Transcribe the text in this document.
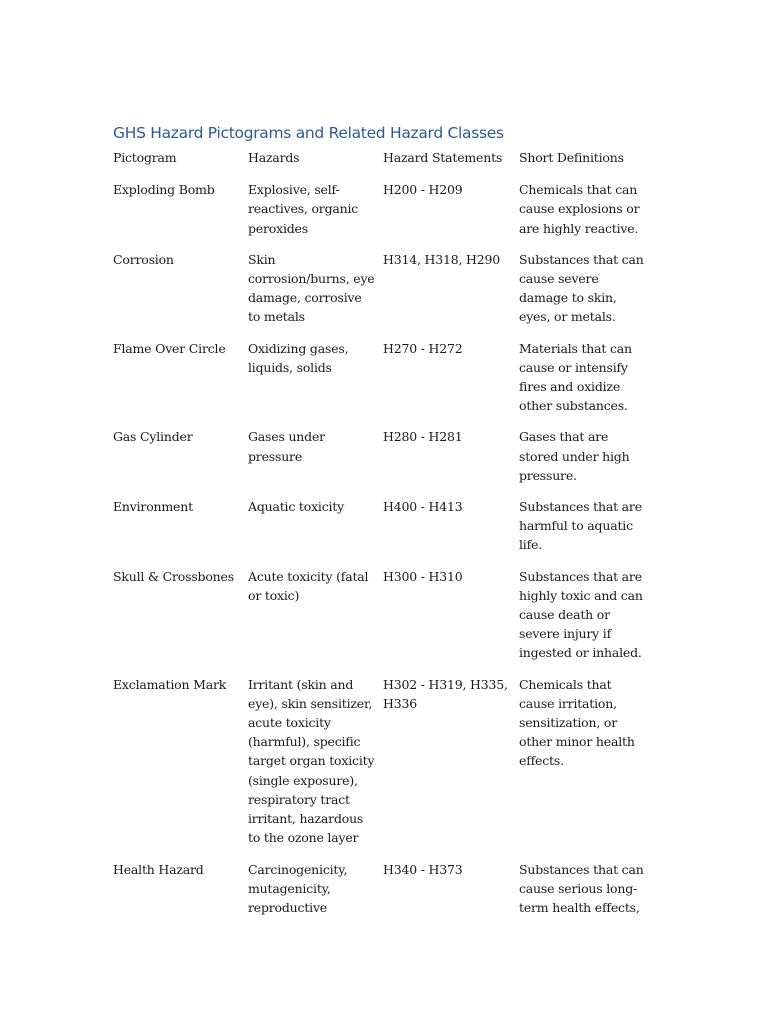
GHS Hazard Pictograms and Related Hazard Classes
Pictogram	Hazards	Hazard Statements	Short Definitions
Exploding Bomb	Explosive, self-reactives, organic peroxides	H200 - H209	Chemicals that can cause explosions or are highly reactive.
Corrosion	Skin corrosion/burns, eye damage, corrosive to metals	H314, H318, H290	Substances that can cause severe damage to skin, eyes, or metals.
Flame Over Circle	Oxidizing gases, liquids, solids	H270 - H272	Materials that can cause or intensify fires and oxidize other substances.
Gas Cylinder	Gases under pressure	H280 - H281	Gases that are stored under high pressure.
Environment	Aquatic toxicity	H400 - H413	Substances that are harmful to aquatic life.
Skull & Crossbones	Acute toxicity (fatal or toxic)	H300 - H310	Substances that are highly toxic and can cause death or severe injury if ingested or inhaled.
Exclamation Mark	Irritant (skin and eye), skin sensitizer, acute toxicity (harmful), specific target organ toxicity (single exposure), respiratory tract irritant, hazardous to the ozone layer	H302 - H319, H335, H336	Chemicals that cause irritation, sensitization, or other minor health effects.
Health Hazard	Carcinogenicity, mutagenicity, reproductive	H340 - H373	Substances that can cause serious long-term health effects,
